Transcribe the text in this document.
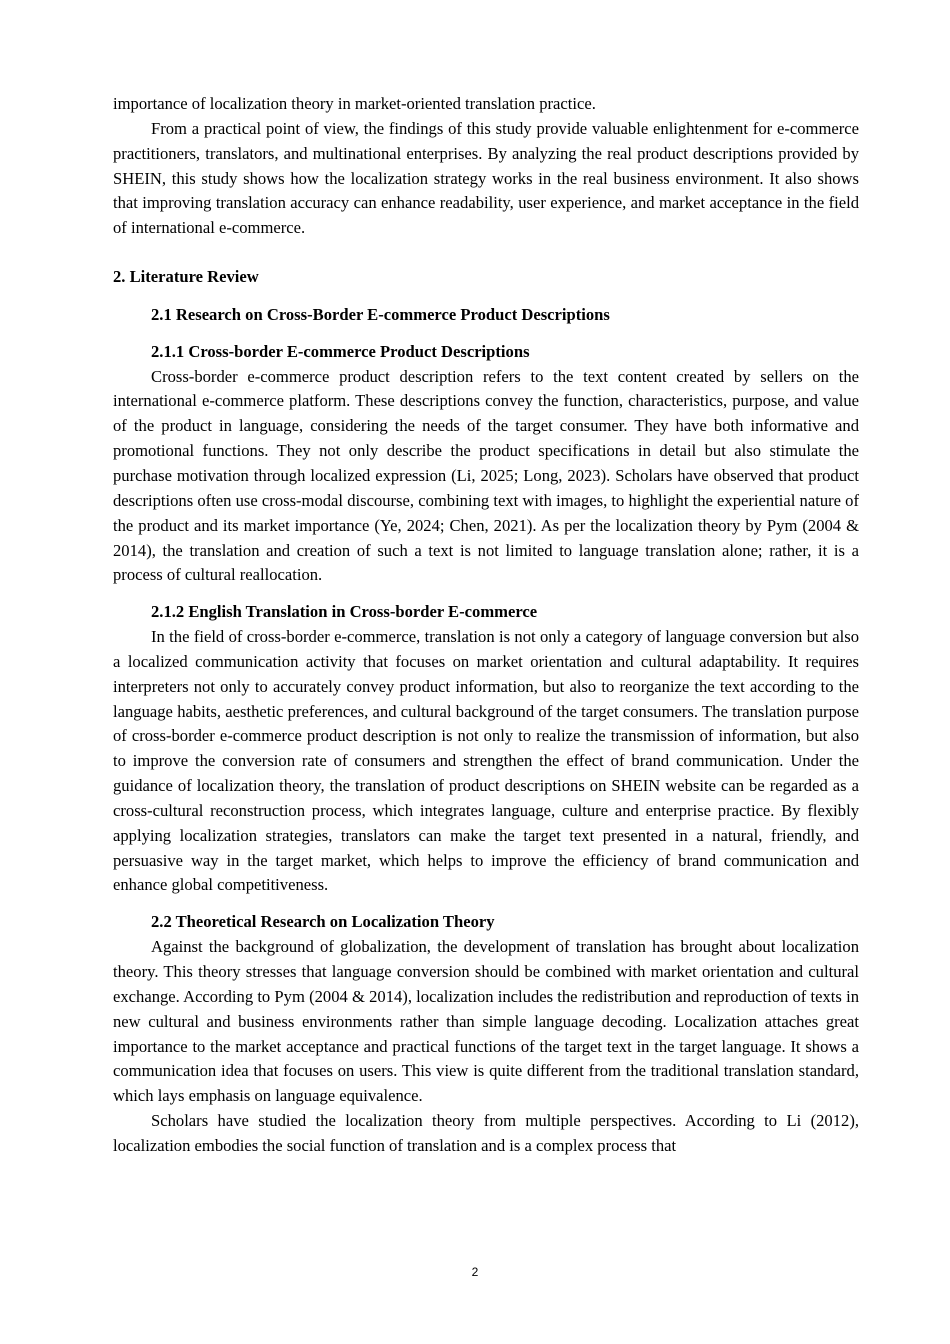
importance of localization theory in market-oriented translation practice.

From a practical point of view, the findings of this study provide valuable enlightenment for e-commerce practitioners, translators, and multinational enterprises. By analyzing the real product descriptions provided by SHEIN, this study shows how the localization strategy works in the real business environment. It also shows that improving translation accuracy can enhance readability, user experience, and market acceptance in the field of international e-commerce.

2. Literature Review
2.1 Research on Cross-Border E-commerce Product Descriptions
2.1.1 Cross-border E-commerce Product Descriptions

Cross-border e-commerce product description refers to the text content created by sellers on the international e-commerce platform. These descriptions convey the function, characteristics, purpose, and value of the product in language, considering the needs of the target consumer. They have both informative and promotional functions. They not only describe the product specifications in detail but also stimulate the purchase motivation through localized expression (Li, 2025; Long, 2023). Scholars have observed that product descriptions often use cross-modal discourse, combining text with images, to highlight the experiential nature of the product and its market importance (Ye, 2024; Chen, 2021). As per the localization theory by Pym (2004 & 2014), the translation and creation of such a text is not limited to language translation alone; rather, it is a process of cultural reallocation.

2.1.2 English Translation in Cross-border E-commerce

In the field of cross-border e-commerce, translation is not only a category of language conversion but also a localized communication activity that focuses on market orientation and cultural adaptability. It requires interpreters not only to accurately convey product information, but also to reorganize the text according to the language habits, aesthetic preferences, and cultural background of the target consumers. The translation purpose of cross-border e-commerce product description is not only to realize the transmission of information, but also to improve the conversion rate of consumers and strengthen the effect of brand communication. Under the guidance of localization theory, the translation of product descriptions on SHEIN website can be regarded as a cross-cultural reconstruction process, which integrates language, culture and enterprise practice. By flexibly applying localization strategies, translators can make the target text presented in a natural, friendly, and persuasive way in the target market, which helps to improve the efficiency of brand communication and enhance global competitiveness.

2.2 Theoretical Research on Localization Theory

Against the background of globalization, the development of translation has brought about localization theory. This theory stresses that language conversion should be combined with market orientation and cultural exchange. According to Pym (2004 & 2014), localization includes the redistribution and reproduction of texts in new cultural and business environments rather than simple language decoding. Localization attaches great importance to the market acceptance and practical functions of the target text in the target language. It shows a communication idea that focuses on users. This view is quite different from the traditional translation standard, which lays emphasis on language equivalence.

Scholars have studied the localization theory from multiple perspectives. According to Li (2012), localization embodies the social function of translation and is a complex process that

2
